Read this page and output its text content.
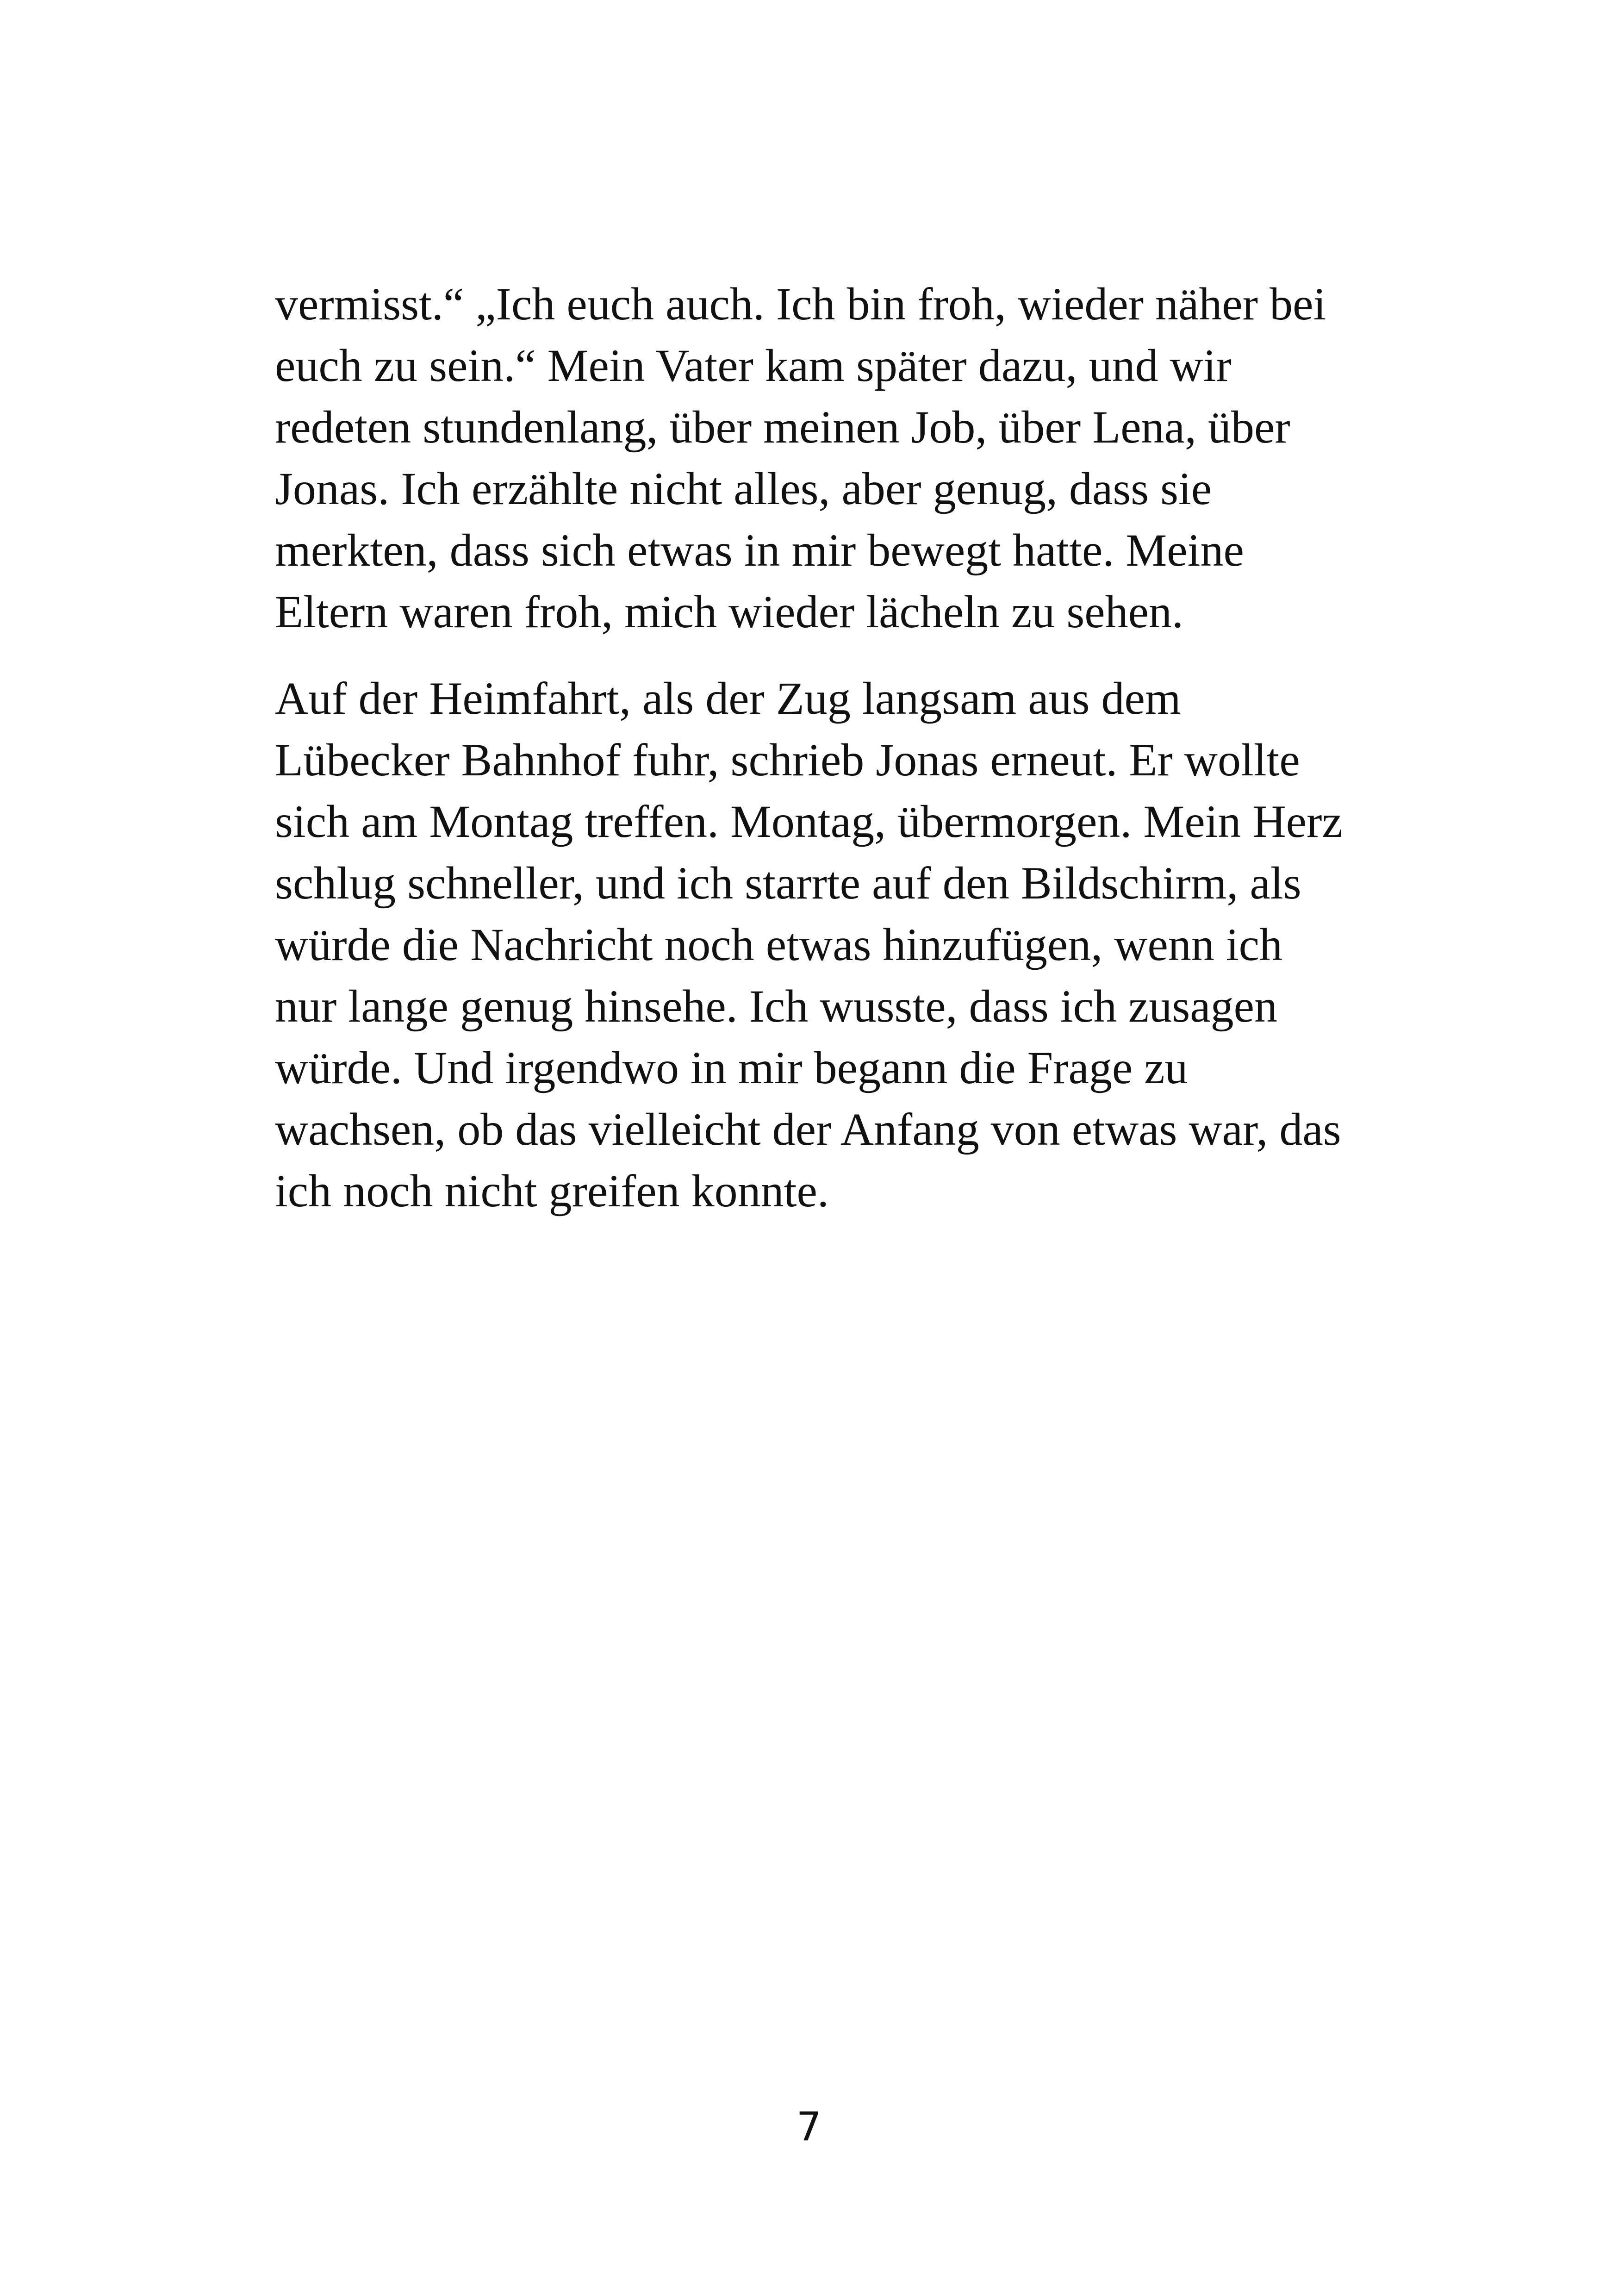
vermisst.“ „Ich euch auch. Ich bin froh, wieder näher bei
euch zu sein.“ Mein Vater kam später dazu, und wir
redeten stundenlang, über meinen Job, über Lena, über
Jonas. Ich erzählte nicht alles, aber genug, dass sie
merkten, dass sich etwas in mir bewegt hatte. Meine
Eltern waren froh, mich wieder lächeln zu sehen.

Auf der Heimfahrt, als der Zug langsam aus dem
Lübecker Bahnhof fuhr, schrieb Jonas erneut. Er wollte
sich am Montag treffen. Montag, übermorgen. Mein Herz
schlug schneller, und ich starrte auf den Bildschirm, als
würde die Nachricht noch etwas hinzufügen, wenn ich
nur lange genug hinsehe. Ich wusste, dass ich zusagen
würde. Und irgendwo in mir begann die Frage zu
wachsen, ob das vielleicht der Anfang von etwas war, das
ich noch nicht greifen konnte.

7
